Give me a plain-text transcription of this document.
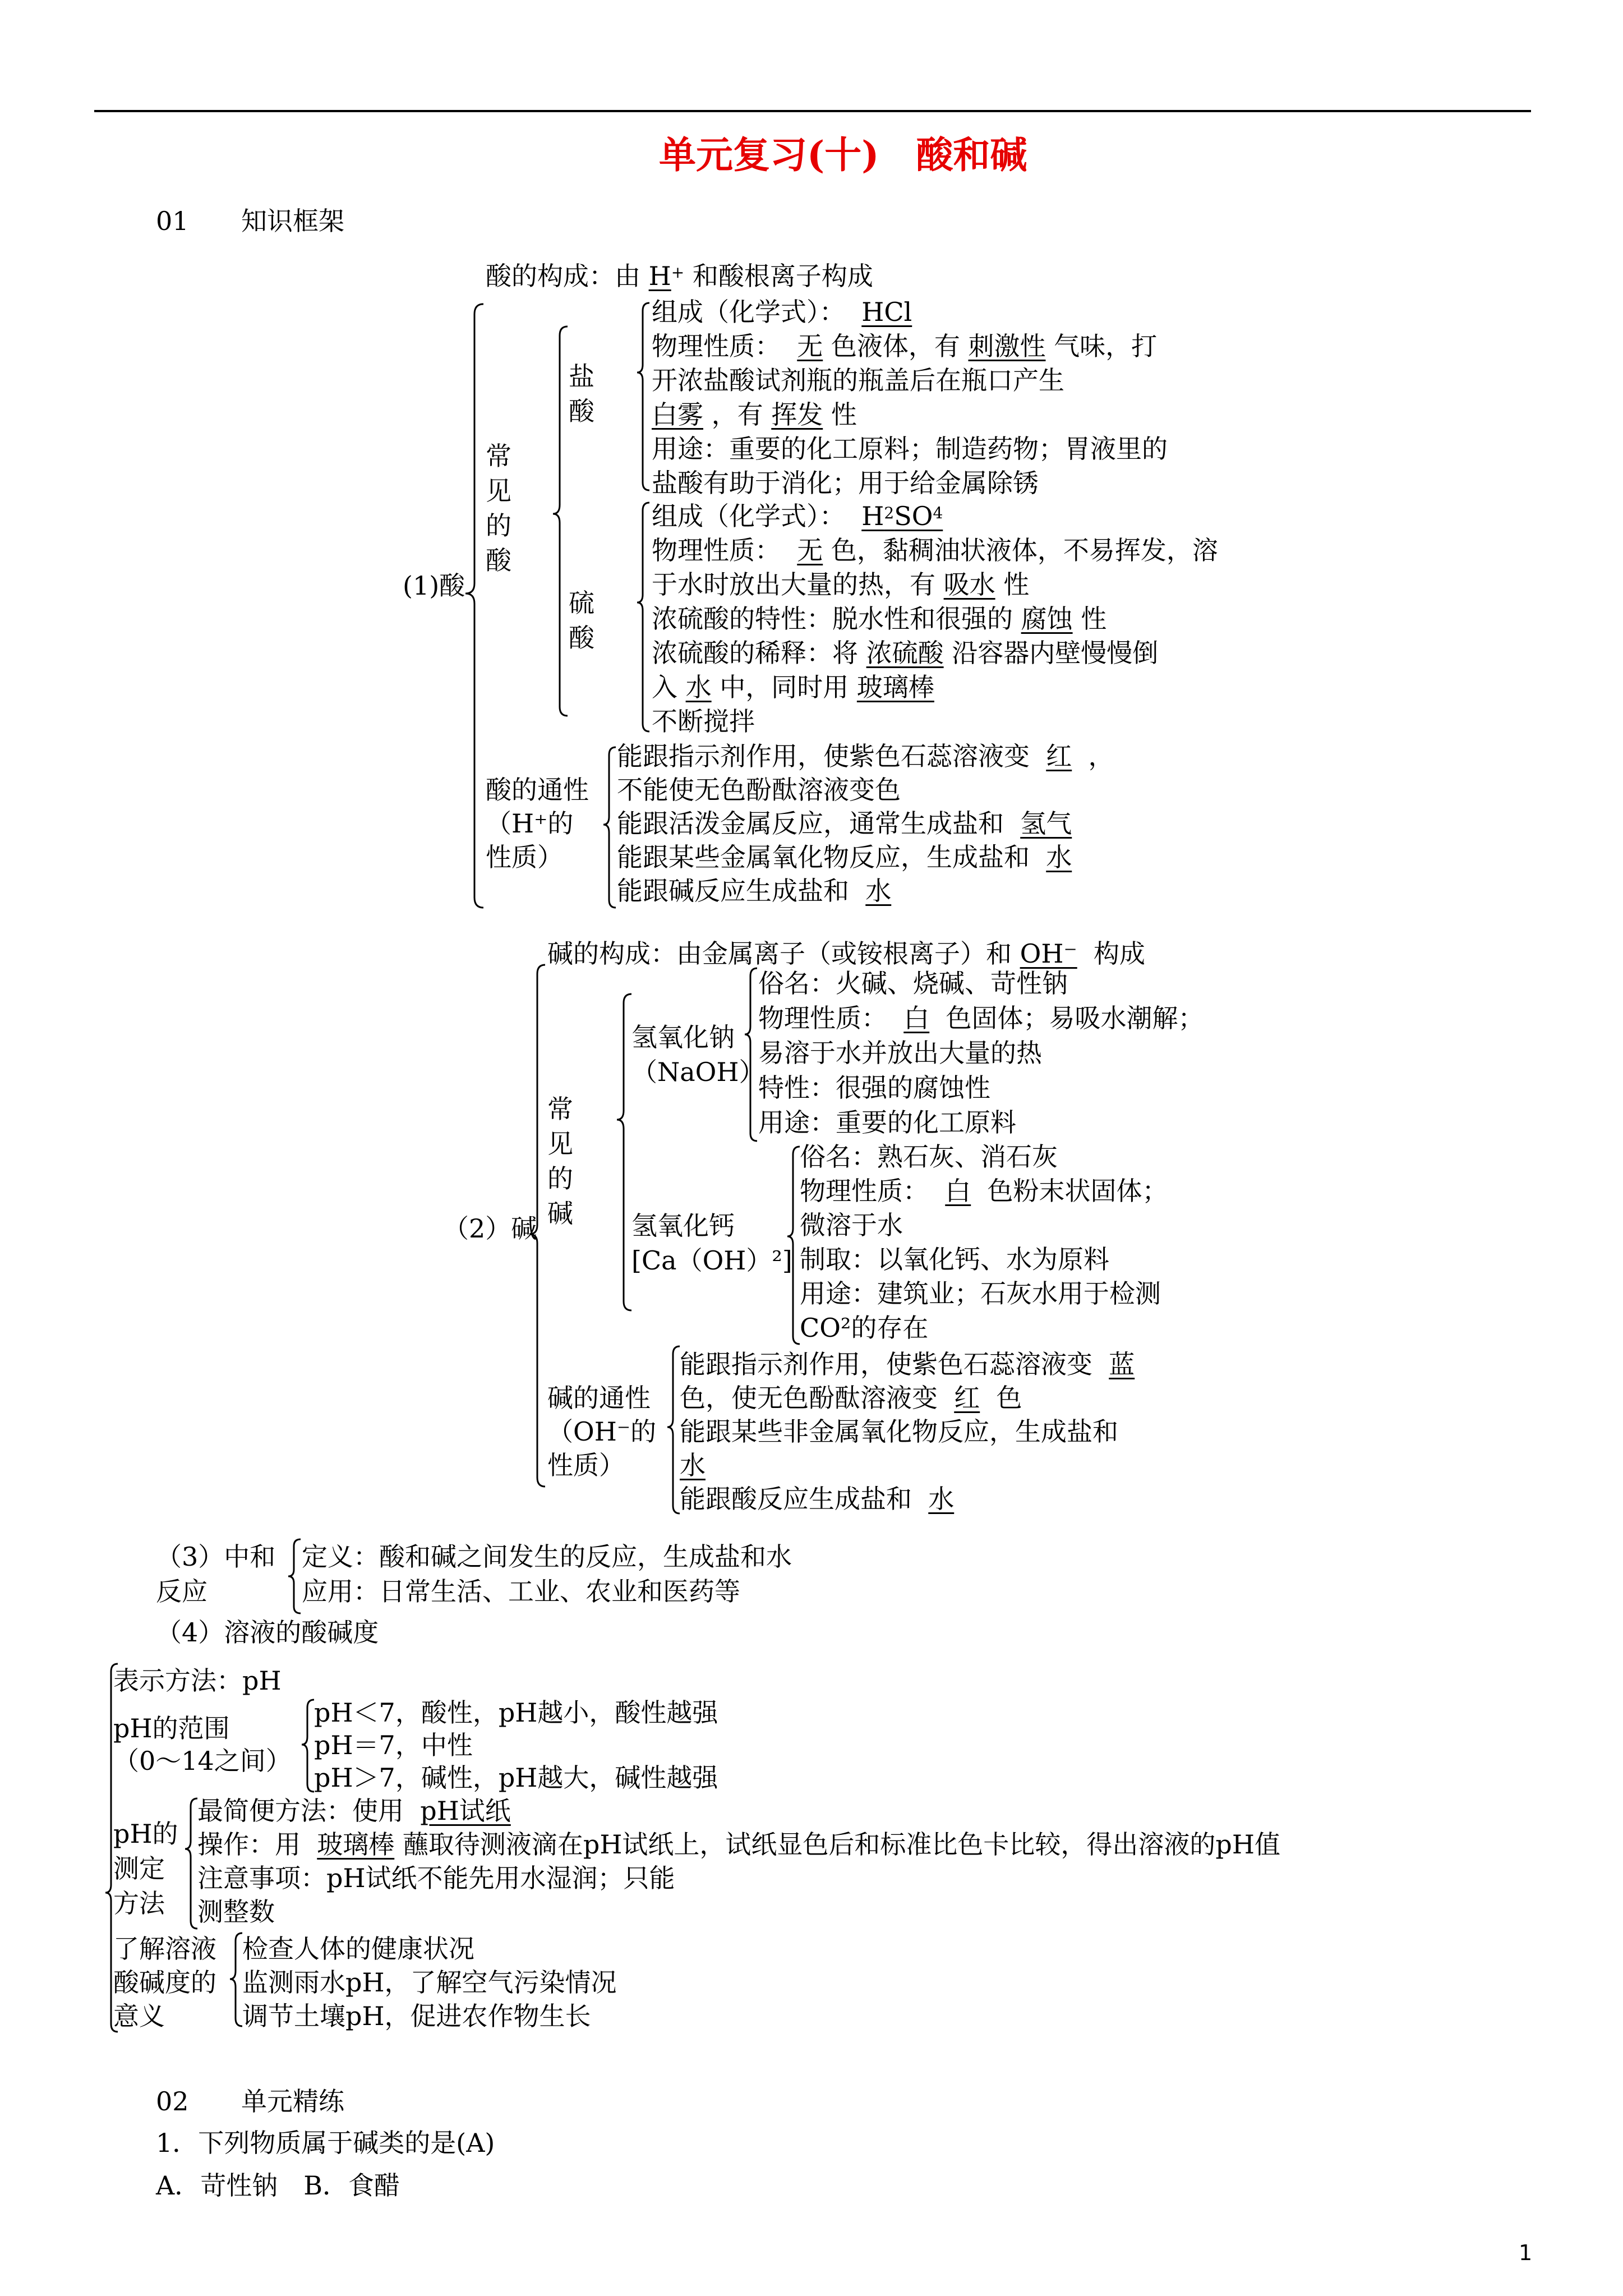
单元复习(十)　酸和碱
01 知识框架
酸的构成：由 H+ 和酸根离子构成
(1)酸
常
见
的
酸
盐
酸
组成（化学式）： HCl
物理性质： 无 色液体，有 刺激性 气味，打
开浓盐酸试剂瓶的瓶盖后在瓶口产生
白雾 ，有 挥发 性
用途：重要的化工原料；制造药物；胃液里的
盐酸有助于消化；用于给金属除锈
硫
酸
组成（化学式）： $H^2SO^4$
物理性质： 无 色，黏稠油状液体，不易挥发，溶
于水时放出大量的热，有 吸水 性
浓硫酸的特性：脱水性和很强的 腐蚀 性
浓硫酸的稀释：将 浓硫酸 沿容器内壁慢慢倒
入 水 中，同时用 玻璃棒
不断搅拌
酸的通性
（H⁺的
性质）
能跟指示剂作用，使紫色石蕊溶液变 红 ，
不能使无色酚酞溶液变色
能跟活泼金属反应，通常生成盐和 氢气
能跟某些金属氧化物反应，生成盐和 水
能跟碱反应生成盐和 水
碱的构成：由金属离子（或铵根离子）和 OH⁻ 构成
（2）碱
常
见
的
碱
氢氧化钠
（NaOH）
俗名：火碱、烧碱、苛性钠
物理性质： 白 色固体；易吸水潮解；
易溶于水并放出大量的热
特性：很强的腐蚀性
用途：重要的化工原料
氢氧化钙
[Ca（OH）²]
俗名：熟石灰、消石灰
物理性质： 白 色粉末状固体；
微溶于水
制取：以氧化钙、水为原料
用途：建筑业；石灰水用于检测
CO²的存在
碱的通性
（OH⁻的
性质）
能跟指示剂作用，使紫色石蕊溶液变 蓝
色，使无色酚酞溶液变 红 色
能跟某些非金属氧化物反应，生成盐和
水
能跟酸反应生成盐和 水
（3）中和
反应
定义：酸和碱之间发生的反应，生成盐和水
应用：日常生活、工业、农业和医药等
（4）溶液的酸碱度
表示方法：pH
pH的范围
（0～14之间）
pH＜7，酸性，pH越小，酸性越强
pH＝7，中性
pH＞7，碱性，pH越大，碱性越强
pH的
测定
方法
最简便方法：使用 pH试纸
操作：用 玻璃棒 蘸取待测液滴在pH试纸上，试纸显色后和标准比色卡比较，得出溶液的pH值
注意事项：pH试纸不能先用水湿润；只能
测整数
了解溶液
酸碱度的
意义
检查人体的健康状况
监测雨水pH，了解空气污染情况
调节土壤pH，促进农作物生长
02 单元精练
1．下列物质属于碱类的是(A)
A．苛性钠　B．食醋
1
